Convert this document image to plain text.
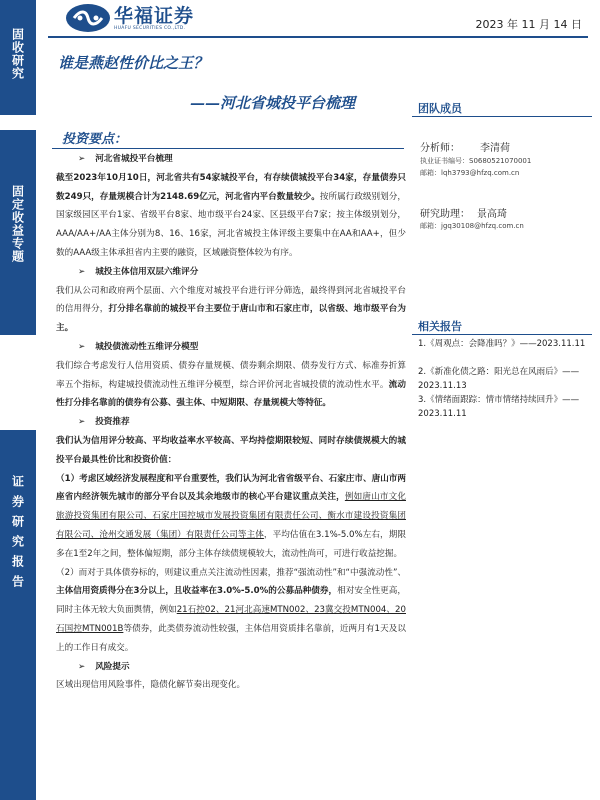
固收研究
固定收益专题
证券研究报告
华福证券
HUAFU SECURITIES CO.,LTD.	2023 年 11 月 14 日
谁是燕赵性价比之王？
——河北省城投平台梳理	团队成员
分析师： 李清荷
执业证书编号：S0680521070001
邮箱：lqh3793@hfzq.com.cn
研究助理： 景高琦
邮箱：jgq30108@hfzq.com.cn
相关报告
1.《周观点：会降准吗？》——2023.11.11
2.《新准化债之路：阳光总在风雨后》——2023.11.13
3.《情绪面跟踪：情市情绪持续回升》——2023.11.11
投资要点：
➢ 河北省城投平台梳理

截至2023年10月10日，河北省共有54家城投平台，有存续债城投平台34家，存量债券只数249只，存量规模合计为2148.69亿元，河北省内平台数量较少。按所属行政级别划分，国家级园区平台1家、省级平台8家、地市级平台24家、区县级平台7家；按主体级别划分，AAA/AA+/AA主体分别为8、16、16家，河北省城投主体评级主要集中在AA和AA+，但少数的AAA级主体承担省内主要的融资，区域融资整体较为有序。

➢ 城投主体信用双层六维评分

我们从公司和政府两个层面、六个维度对城投平台进行评分筛选，最终得到河北省城投平台的信用得分，打分排名靠前的城投平台主要位于唐山市和石家庄市，以省级、地市级平台为主。

➢ 城投债流动性五维评分模型

我们综合考虑发行人信用资质、债券存量规模、债券剩余期限、债券发行方式、标准券折算率五个指标，构建城投债流动性五维评分模型，综合评价河北省城投债的流动性水平。流动性打分排名靠前的债券有公募、强主体、中短期限、存量规模大等特征。

➢ 投资推荐

我们认为信用评分较高、平均收益率水平较高、平均持偿期限较短、同时存续债规模大的城投平台最具性价比和投资价值：

（1）考虑区域经济发展程度和平台重要性，我们认为河北省省级平台、石家庄市、唐山市两座省内经济领先城市的部分平台以及其余地级市的核心平台建议重点关注，例如唐山市文化旅游投资集团有限公司、石家庄国控城市发展投资集团有限责任公司、衡水市建设投资集团有限公司、沧州交通发展（集团）有限责任公司等主体，平均估值在3.1%-5.0%左右，期限多在1至2年之间，整体偏短期，部分主体存续债规模较大，流动性尚可，可进行收益挖掘。

（2）而对于具体债券标的，则建议重点关注流动性因素，推荐“强流动性”和“中强流动性”、主体信用资质得分在3分以上，且收益率在3.0%-5.0%的公募品种债券，相对安全性更高，同时主体无较大负面舆情，例如21石控02、21河北高速MTN002、23冀交投MTN004、20石国控MTN001B等债券，此类债券流动性较强，主体信用资质排名靠前，近两月有1天及以上的工作日有成交。

➢ 风险提示

区域出现信用风险事件，隐债化解节奏出现变化。
